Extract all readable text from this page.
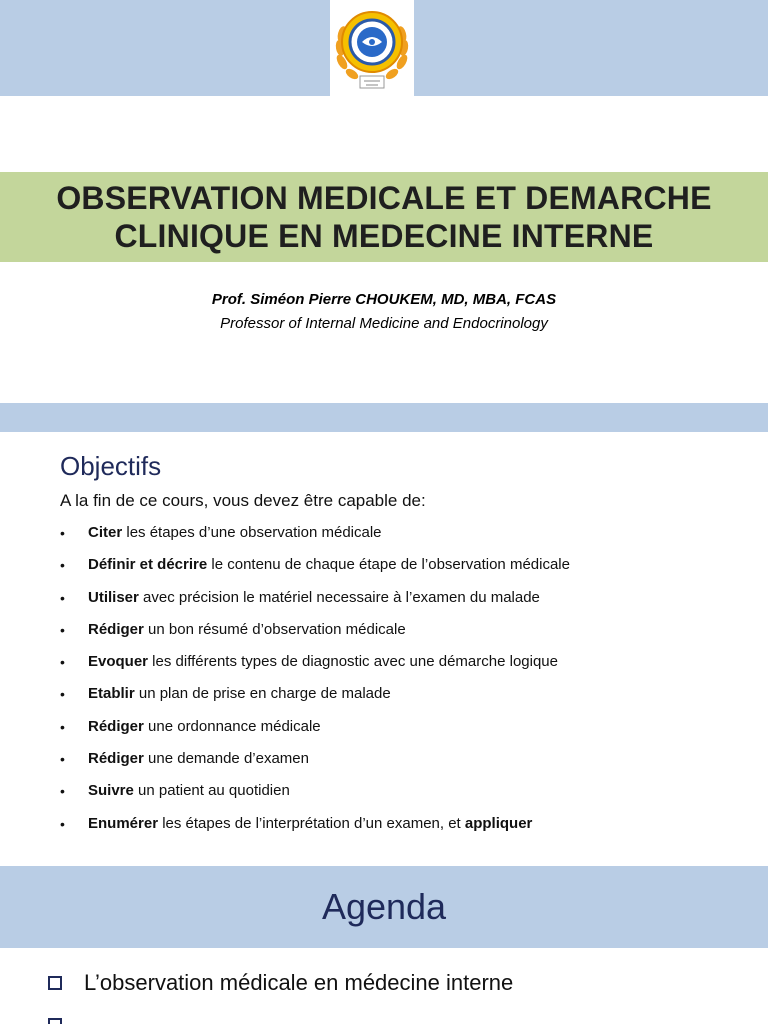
OBSERVATION MEDICALE ET DEMARCHE
CLINIQUE EN MEDECINE INTERNE
Prof. Siméon Pierre CHOUKEM, MD, MBA, FCAS
Professor of Internal Medicine and Endocrinology
Objectifs
A la fin de ce cours, vous devez être capable de:
• Citer les étapes d’une observation médicale
• Définir et décrire le contenu de chaque étape de l’observation médicale
• Utiliser avec précision le matériel necessaire à l’examen du malade
• Rédiger un bon résumé d’observation médicale
• Evoquer les différents types de diagnostic avec une démarche logique
• Etablir un plan de prise en charge de malade
• Rédiger une ordonnance médicale
• Rédiger une demande d’examen
• Suivre un patient au quotidien
• Enumérer les étapes de l’interprétation d’un examen, et appliquer
Agenda
L’observation médicale en médecine interne
